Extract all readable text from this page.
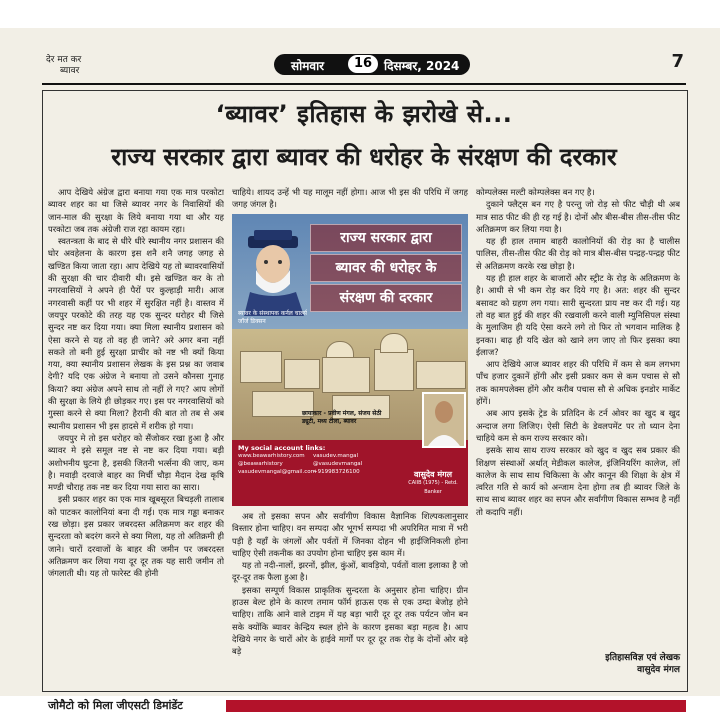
देर मत कर
ब्यावर	सोमवार	16 दिसम्बर, 2024	7
‘ब्यावर’ इतिहास के झरोखे से...
राज्य सरकार द्वारा ब्यावर की धरोहर के संरक्षण की दरकार

आप देखिये अंग्रेज द्वारा बनाया गया एक मात्र परकोटा ब्यावर शहर का था जिसे ब्यावर नगर के निवासियों की जान-माल की सुरक्षा के लिये बनाया गया था और यह परकोटा जब तक अंग्रेजी राज रहा कायम रहा।

स्वतन्त्रता के बाद से धीरे धीरे स्थानीय नगर प्रशासन की घोर अवहेलना के कारण इस शनै शनै जगह जगह से खण्डित किया जाता रहा। आप देखिये यह तो ब्यावरवासियों की सुरक्षा की चार दीवारी थी। इसे खण्डित कर के तो नगरवासियों ने अपने ही पैरों पर कुल्हाड़ी मारी। आज नगरवासी कहीं पर भी शहर में सुरक्षित नहीं है। वास्तव में जयपुर परकोटे की तरह यह एक सुन्दर धरोहर थी जिसे सुन्दर नष्ट कर दिया गया। क्या मिला स्थानीय प्रशासन को ऐसा करने से यह तो वह ही जाने? अरे अगर बना नहीं सकते तो बनी हुई सुरक्षा प्राचीर को नष्ट भी क्यों किया गया, क्या स्थानीय प्रशासन लेखक के इस प्रश्न का जवाब देगी? यदि एक अंग्रेज ने बनाया तो उसने कौनसा गुनाह किया? क्या अंग्रेज अपने साथ तो नहीं ले गए? आप लोगों की सुरक्षा के लिये ही छोड़कर गए। इस पर नगरवासियों को गुस्सा करने से क्या मिला? हैरानी की बात तो तब से अब स्थानीय प्रशासन भी इस हादसे में शरीक हो गया।

जयपुर मे तो इस धरोहर को सैंजोकर रखा हुआ है और ब्यावर मे इसे समूल नष्ट से नष्ट कर दिया गया। बड़ी अशोभनीय घुटना है, इसकी जितनी भर्त्सना की जाए, कम है। मवाड़ी दरवाजे बाहर का मिर्ची चौड़ा मैदान देख कृषि मण्डी चौराह तक नष्ट कर दिया गया सारा का सारा।

इसी प्रकार शहर का एक मात्र खूबसूरत बिचड़ली तालाब को पाटकर कालोनियां बना दी गई। एक मात्र गड्ढा बनाकर रख छोड़ा। इस प्रकार जबरदस्त अतिक्रमण कर शहर की सुन्दरता को बदरंग करने से क्या मिला, यह तो अतिक्रमी ही जाने। चारों दरवाजों के बाहर की जमीन पर जबरदस्त अतिक्रमण कर लिया गया दूर दूर तक यह सारी जमीन तो जंगलाती थी। यह तो फारेस्ट की होनी

चाहिये। शायद उन्हें भी यह मालूम नहीं होगा। आज भी इस की परिधि में जगह जगह जंगल है।

राज्य सरकार द्वारा
ब्यावर की धरोहर के
संरक्षण की दरकार
ब्यावर के संस्थापक कर्नल चार्ल्स जॉर्ज डिक्सन
छायाकार - प्रवीण मंगल, संजय सेठी ड्यूटी, मध्य टीला, ब्यावर
My social account links:
www.beawarhistory.com	vasudev.mangal
@beawarhistory	@vasudevmangal
vasudevmangal@gmail.com
+919983726100	वासुदेव मंगल
CAIIB (1975) - Retd. Banker

अब तो इसका सपन और सर्वांगीण विकास वैज्ञानिक शिल्पकलानुसार विस्तार होना चाहिए। वन सम्पदा और भूगर्भ सम्पदा भी अपरिमित मात्रा में भरी पड़ी है यहाँ के जंगलों और पर्वतों में जिनका दोहन भी हाईजिनिकली होना चाहिए ऐसी तकनीक का उपयोग होना चाहिए इस काम में।

यह तो नदी-नालों, झरनों, झील, कुंओं, बावड़ियो, पर्वतों वाला इलाका है जो दूर-दूर तक फैला हुआ है।

इसका सम्पूर्ण विकास प्राकृतिक सुन्दरता के अनुसार होना चाहिए। ग्रीन हाउस बेल्ट होने के कारण तमाम फॉर्म हाऊस एक से एक उम्दा बेजोड़ होने चाहिए। ताकि आने वाले टाइम में यह बड़ा भारी दूर दूर तक पर्यटन जोन बन सके क्योंकि ब्यावर केन्द्रिय स्थल होने के कारण इसका बड़ा महत्व है। आप देखिये नगर के चारों ओर के हाईवे मार्गों पर दूर दूर तक रोड़ के दोनों ओर बड़े बड़े

कोम्पलेक्स मल्टी कोम्पलेक्स बन गए है।

दुकाने फ्लैट्स बन गए है परन्तु जो रोड़ सो फीट चौड़ी थी अब मात्र साठ फीट की ही रह गई है। दोनों और बीस-बीस तीस-तीस फीट अतिक्रमण कर लिया गया है।

यह ही हाल तमाम बाहरी कालोनियों की रोड़ का है चालीस पालिस, तीस-तीस फीट की रोड़ को मात्र बीस-बीस पन्द्रह-पन्द्रह फीट से अतिक्रमण करके रख छोड़ा है।

यह ही हाल शहर के बाजारों और स्ट्रीट के रोड़ के अतिक्रमण के है। आधी से भी कम रोड़ कर दिये गए है। अत: शहर की सुन्दर बसावट को ग्रहण लग गया। सारी सुन्दरता प्राय नष्ट कर दी गई। यह तो वह बात हुई की शहर की रखवाली करने वाली म्युनिसिपल संस्था के मुलाजिम ही यदि ऐसा करने लगे तो फिर तो भगवान मालिक है इनका। बाढ़ ही यदि खेत को खाने लग जाए तो फिर इसका क्या ईलाज?

आप देखिये आज ब्यावर शहर की परिधि में कम से कम लगभग पाँच हजार दुकानें होंगी और इसी प्रकार कम से कम पचास से सौ तक कामपलेक्स होंगे और करीब पचास सौ से अधिक इनडोर मार्केट होंगें।

अब आप इसके ट्रेड के प्रतिदिन के टर्न ओवर का खुद ब खुद अन्दाज लगा लिजिए। ऐसी सिटी के डेवलपमेंट पर तो ध्यान देना चाहिये कम से कम राज्य सरकार को।

इसके साथ साथ राज्य सरकार को खुद व खुद सब प्रकार की शिक्षण संस्थाओं अर्थात् मेडीकल कालेज, इंजिनियरिंग कालेज, लॉ कालेज के साथ साथ चिकित्सा के और कानून की शिक्षा के क्षेत्र में त्वरित गति से कार्य को अन्जाम देना होगा तब ही ब्यावर जिले के साथ साथ ब्यावर शहर का सपन और सर्वांगीण विकास सम्भव है नहीं तो कदापि नहीं।

इतिहासविज्ञ एवं लेखक
वासुदेव मंगल
जोमैटो को मिला जीएसटी डिमांडेंट
